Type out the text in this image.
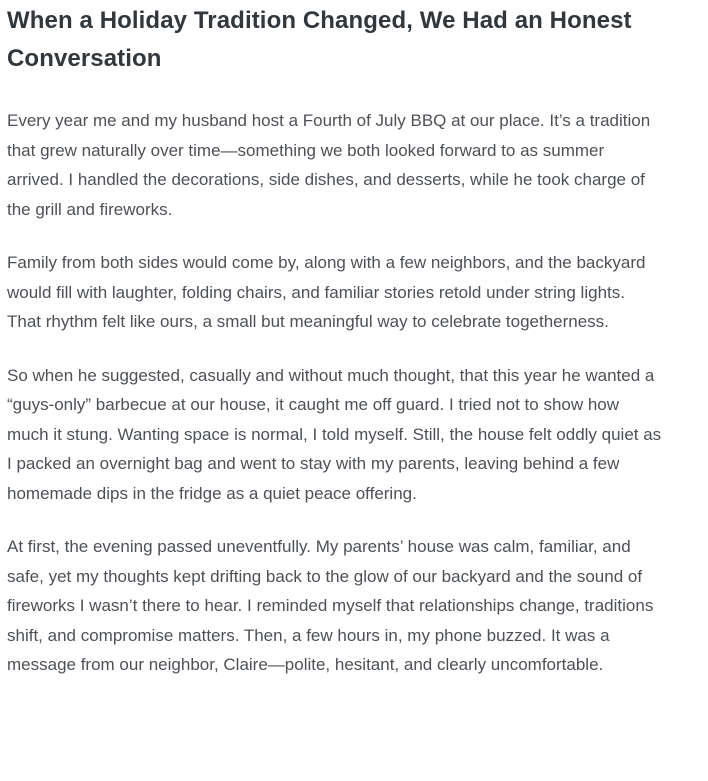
When a Holiday Tradition Changed, We Had an Honest Conversation

Every year me and my husband host a Fourth of July BBQ at our place. It’s a tradition that grew naturally over time—something we both looked forward to as summer arrived. I handled the decorations, side dishes, and desserts, while he took charge of the grill and fireworks.

Family from both sides would come by, along with a few neighbors, and the backyard would fill with laughter, folding chairs, and familiar stories retold under string lights. That rhythm felt like ours, a small but meaningful way to celebrate togetherness.

So when he suggested, casually and without much thought, that this year he wanted a “guys-only” barbecue at our house, it caught me off guard. I tried not to show how much it stung. Wanting space is normal, I told myself. Still, the house felt oddly quiet as I packed an overnight bag and went to stay with my parents, leaving behind a few homemade dips in the fridge as a quiet peace offering.

At first, the evening passed uneventfully. My parents’ house was calm, familiar, and safe, yet my thoughts kept drifting back to the glow of our backyard and the sound of fireworks I wasn’t there to hear. I reminded myself that relationships change, traditions shift, and compromise matters. Then, a few hours in, my phone buzzed. It was a message from our neighbor, Claire—polite, hesitant, and clearly uncomfortable.
